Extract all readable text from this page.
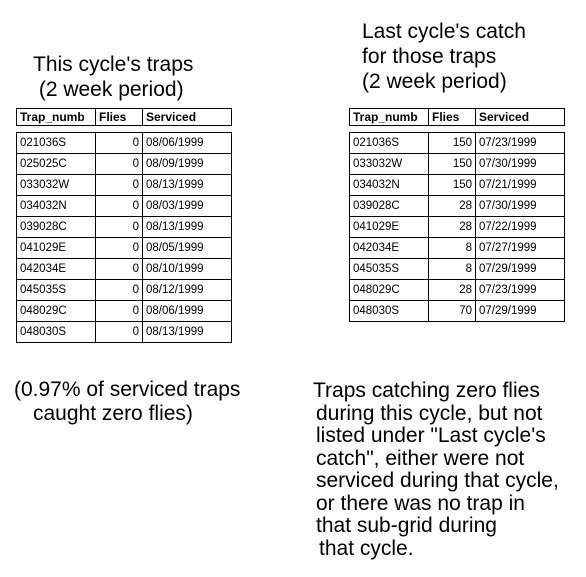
This cycle's traps
(2 week period)
Last cycle's catch
for those traps
(2 week period)
Trap_numb	Flies	Serviced
021036S	0 08/06/1999
025025C	0 08/09/1999
033032W	0 08/13/1999
034032N	0 08/03/1999
039028C	0 08/13/1999
041029E	0 08/05/1999
042034E	0 08/10/1999
045035S	0 08/12/1999
048029C	0 08/06/1999
048030S	0 08/13/1999
Trap_numb	Flies	Serviced
021036S	150 07/23/1999
033032W	150 07/30/1999
034032N	150 07/21/1999
039028C	28 07/30/1999
041029E	28 07/22/1999
042034E	8 07/27/1999
045035S	8 07/29/1999
048029C	28 07/23/1999
048030S	70 07/29/1999
(0.97% of serviced traps
caught zero flies)
Traps catching zero flies
during this cycle, but not
listed under "Last cycle's
catch", either were not
serviced during that cycle,
or there was no trap in
that sub-grid during
that cycle.
